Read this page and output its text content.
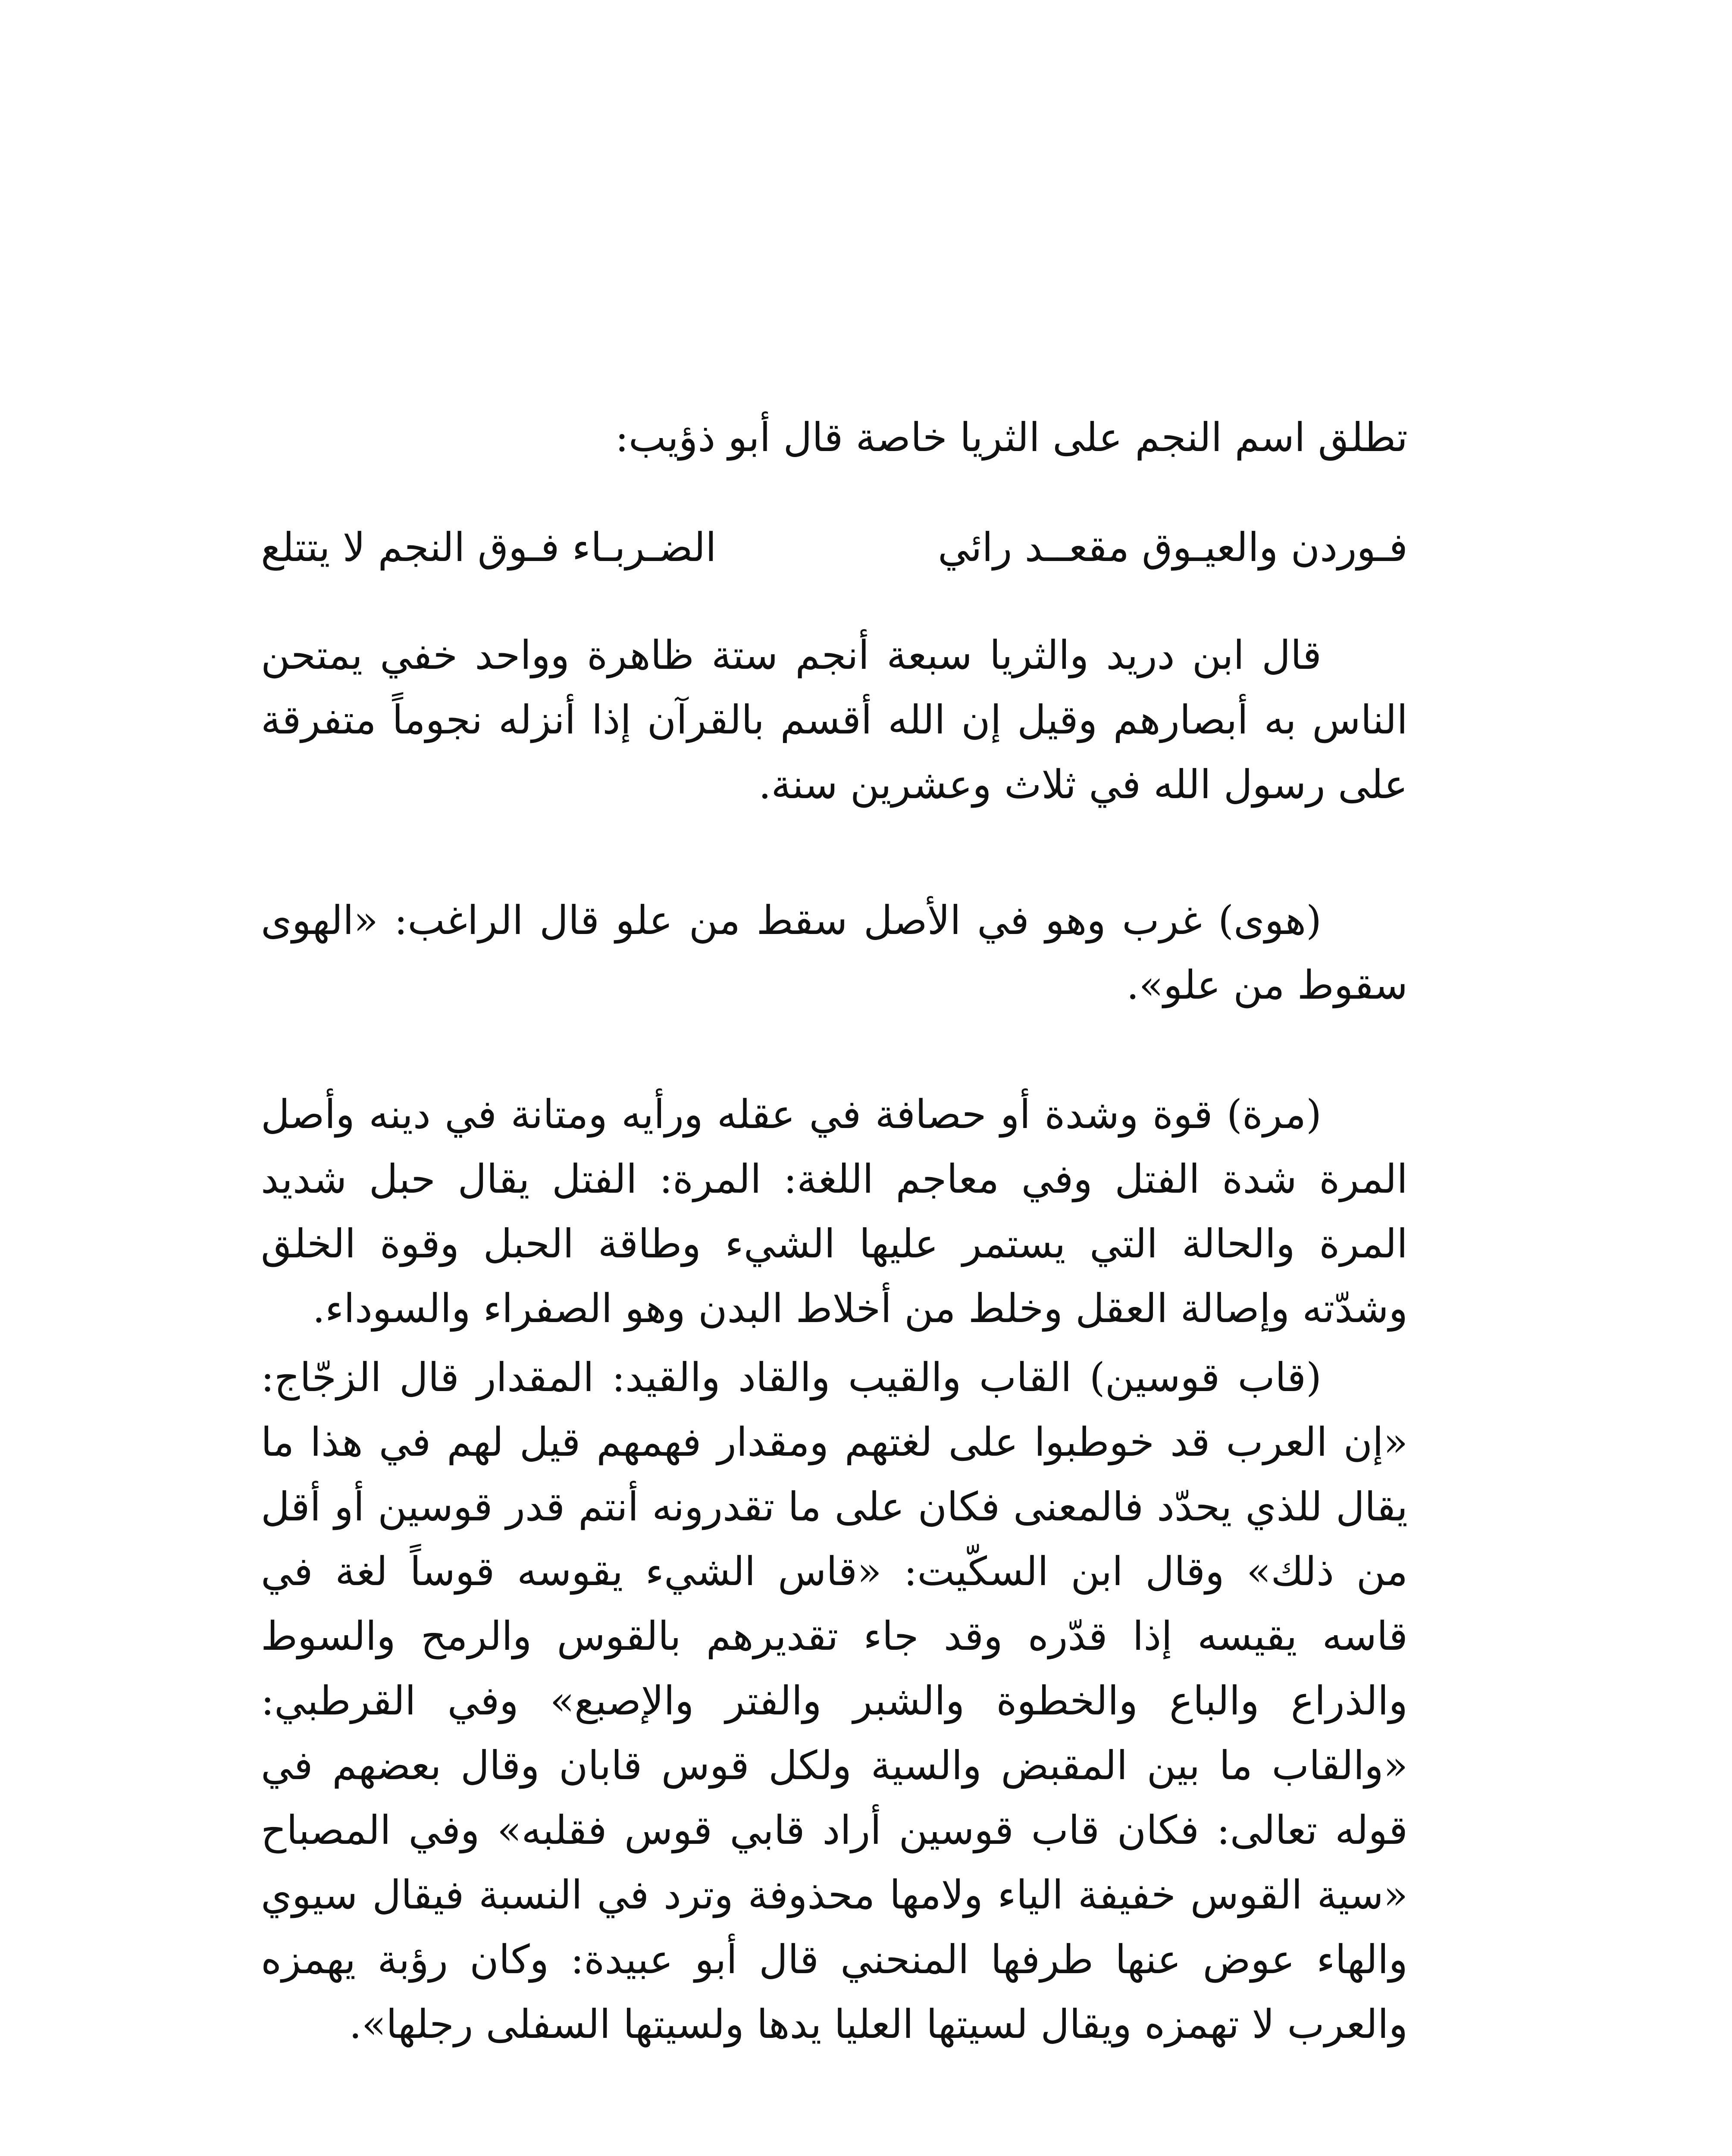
تطلق اسم النجم على الثريا خاصة قال أبو ذؤيب:

فـوردن والعيـوق مقعــد رائي
الضـربـاء فـوق النجم لا يتتلع

قال ابن دريد والثريا سبعة أنجم ستة ظاهرة وواحد خفي يمتحن الناس به أبصارهم وقيل إن الله أقسم بالقرآن إذا أنزله نجوماً متفرقة على رسول الله في ثلاث وعشرين سنة.

(هوى) غرب وهو في الأصل سقط من علو قال الراغب: «الهوى سقوط من علو».

(مرة) قوة وشدة أو حصافة في عقله ورأيه ومتانة في دينه وأصل المرة شدة الفتل وفي معاجم اللغة: المرة: الفتل يقال حبل شديد المرة والحالة التي يستمر عليها الشيء وطاقة الحبل وقوة الخلق وشدّته وإصالة العقل وخلط من أخلاط البدن وهو الصفراء والسوداء.

(قاب قوسين) القاب والقيب والقاد والقيد: المقدار قال الزجّاج: «إن العرب قد خوطبوا على لغتهم ومقدار فهمهم قيل لهم في هذا ما يقال للذي يحدّد فالمعنى فكان على ما تقدرونه أنتم قدر قوسين أو أقل من ذلك» وقال ابن السكّيت: «قاس الشيء يقوسه قوساً لغة في قاسه يقيسه إذا قدّره وقد جاء تقديرهم بالقوس والرمح والسوط والذراع والباع والخطوة والشبر والفتر والإصبع» وفي القرطبي: «والقاب ما بين المقبض والسية ولكل قوس قابان وقال بعضهم في قوله تعالى: فكان قاب قوسين أراد قابي قوس فقلبه» وفي المصباح «سية القوس خفيفة الياء ولامها محذوفة وترد في النسبة فيقال سيوي والهاء عوض عنها طرفها المنحني قال أبو عبيدة: وكان رؤبة يهمزه والعرب لا تهمزه ويقال لسيتها العليا يدها ولسيتها السفلى رجلها».
